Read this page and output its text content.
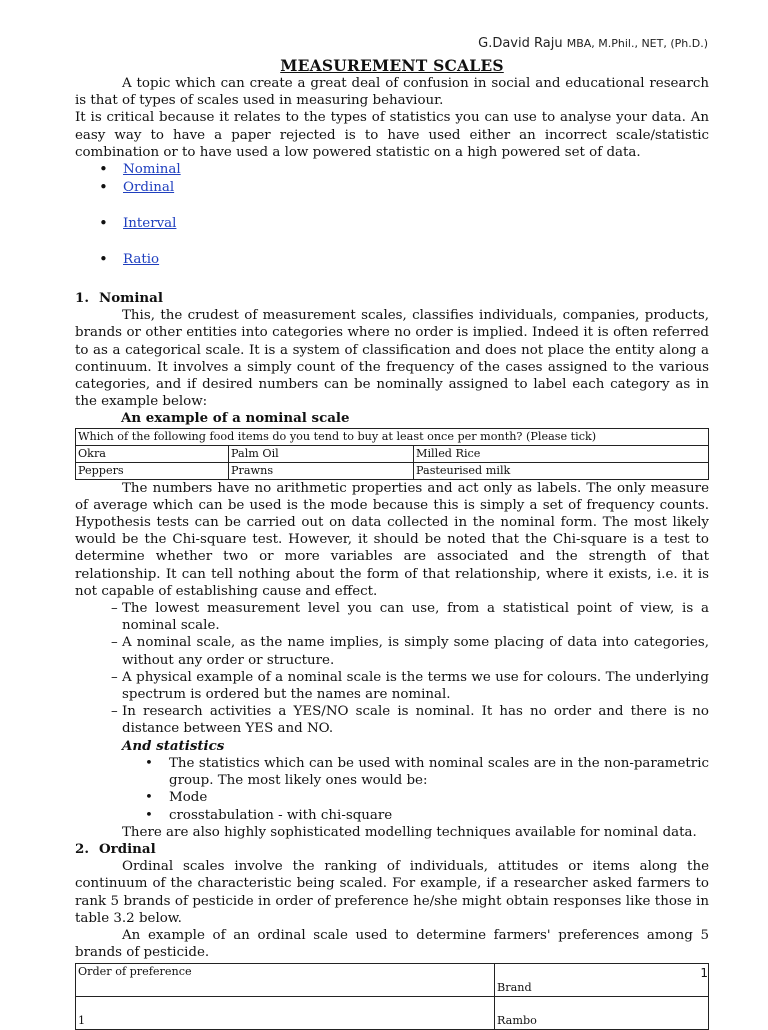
G.David Raju MBA, M.Phil., NET, (Ph.D.)
MEASUREMENT SCALES

A topic which can create a great deal of confusion in social and educational research is that of types of scales used in measuring behaviour.

It is critical because it relates to the types of statistics you can use to analyse your data. An easy way to have a paper rejected is to have used either an incorrect scale/statistic combination or to have used a low powered statistic on a high powered set of data.

• Nominal
• Ordinal
• Interval
• Ratio
1. Nominal

This, the crudest of measurement scales, classifies individuals, companies, products, brands or other entities into categories where no order is implied. Indeed it is often referred to as a categorical scale. It is a system of classification and does not place the entity along a continuum. It involves a simply count of the frequency of the cases assigned to the various categories, and if desired numbers can be nominally assigned to label each category as in the example below:

An example of a nominal scale
Which of the following food items do you tend to buy at least once per month? (Please tick)		
Okra	Palm Oil	Milled Rice
Peppers	Prawns	Pasteurised milk

The numbers have no arithmetic properties and act only as labels. The only measure of average which can be used is the mode because this is simply a set of frequency counts. Hypothesis tests can be carried out on data collected in the nominal form. The most likely would be the Chi-square test. However, it should be noted that the Chi-square is a test to determine whether two or more variables are associated and the strength of that relationship. It can tell nothing about the form of that relationship, where it exists, i.e. it is not capable of establishing cause and effect.

– The lowest measurement level you can use, from a statistical point of view, is a nominal scale.
– A nominal scale, as the name implies, is simply some placing of data into categories, without any order or structure.
– A physical example of a nominal scale is the terms we use for colours. The underlying spectrum is ordered but the names are nominal.
– In research activities a YES/NO scale is nominal. It has no order and there is no distance between YES and NO.
And statistics
• The statistics which can be used with nominal scales are in the non-parametric group. The most likely ones would be:
• Mode
• crosstabulation - with chi-square

There are also highly sophisticated modelling techniques available for nominal data.

2. Ordinal

Ordinal scales involve the ranking of individuals, attitudes or items along the continuum of the characteristic being scaled. For example, if a researcher asked farmers to rank 5 brands of pesticide in order of preference he/she might obtain responses like those in table 3.2 below.

An example of an ordinal scale used to determine farmers' preferences among 5 brands of pesticide.

Order of preference	Brand
1	Rambo
1
